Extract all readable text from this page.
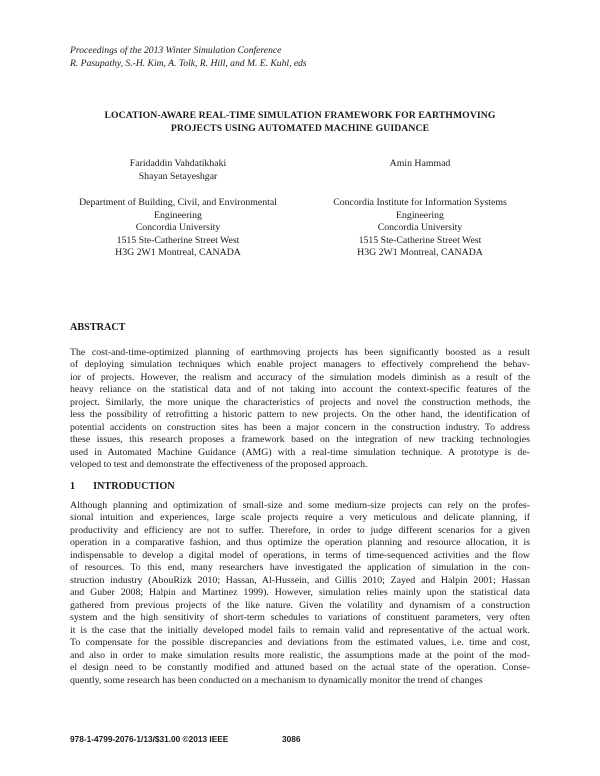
Proceedings of the 2013 Winter Simulation Conference
R. Pasupathy, S.-H. Kim, A. Tolk, R. Hill, and M. E. Kuhl, eds
LOCATION-AWARE REAL-TIME SIMULATION FRAMEWORK FOR EARTHMOVING
PROJECTS USING AUTOMATED MACHINE GUIDANCE
Faridaddin Vahdatikhaki
Shayan Setayeshgar
Amin Hammad
Department of Building, Civil, and Environmental
Engineering
Concordia University
1515 Ste-Catherine Street West
H3G 2W1 Montreal, CANADA
Concordia Institute for Information Systems
Engineering
Concordia University
1515 Ste-Catherine Street West
H3G 2W1 Montreal, CANADA
ABSTRACT
The cost-and-time-optimized planning of earthmoving projects has been significantly boosted as a result
of deploying simulation techniques which enable project managers to effectively comprehend the behav-
ior of projects. However, the realism and accuracy of the simulation models diminish as a result of the
heavy reliance on the statistical data and of not taking into account the context-specific features of the
project. Similarly, the more unique the characteristics of projects and novel the construction methods, the
less the possibility of retrofitting a historic pattern to new projects. On the other hand, the identification of
potential accidents on construction sites has been a major concern in the construction industry. To address
these issues, this research proposes a framework based on the integration of new tracking technologies
used in Automated Machine Guidance (AMG) with a real-time simulation technique. A prototype is de-
veloped to test and demonstrate the effectiveness of the proposed approach.
1 INTRODUCTION
Although planning and optimization of small-size and some medium-size projects can rely on the profes-
sional intuition and experiences, large scale projects require a very meticulous and delicate planning, if
productivity and efficiency are not to suffer. Therefore, in order to judge different scenarios for a given
operation in a comparative fashion, and thus optimize the operation planning and resource allocation, it is
indispensable to develop a digital model of operations, in terms of time-sequenced activities and the flow
of resources. To this end, many researchers have investigated the application of simulation in the con-
struction industry (AbouRizk 2010; Hassan, Al-Hussein, and Gillis 2010; Zayed and Halpin 2001; Hassan
and Guber 2008; Halpin and Martinez 1999). However, simulation relies mainly upon the statistical data
gathered from previous projects of the like nature. Given the volatility and dynamism of a construction
system and the high sensitivity of short-term schedules to variations of constituent parameters, very often
it is the case that the initially developed model fails to remain valid and representative of the actual work.
To compensate for the possible discrepancies and deviations from the estimated values, i.e. time and cost,
and also in order to make simulation results more realistic, the assumptions made at the point of the mod-
el design need to be constantly modified and attuned based on the actual state of the operation. Conse-
quently, some research has been conducted on a mechanism to dynamically monitor the trend of changes
978-1-4799-2076-1/13/$31.00 ©2013 IEEE	3086
